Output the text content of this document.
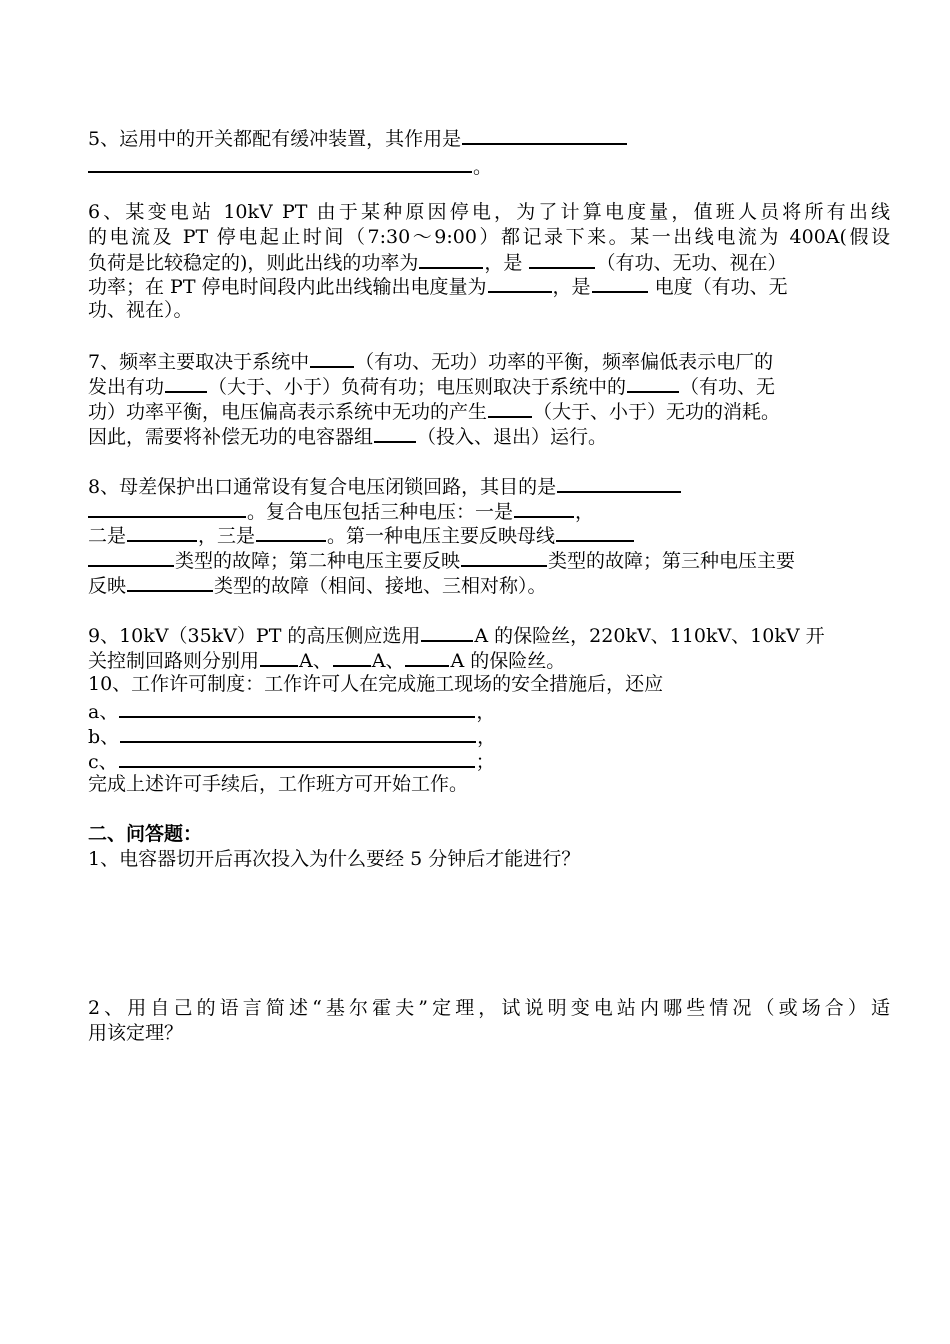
5、运用中的开关都配有缓冲装置，其作用是
。
6、某变电站 10kV PT 由于某种原因停电，为了计算电度量，值班人员将所有出线
的电流及 PT 停电起止时间（7:30～9:00）都记录下来。某一出线电流为 400A(假设
负荷是比较稳定的)，则此出线的功率为	，是	（有功、无功、视在）
功率；在 PT 停电时间段内此出线输出电度量为	，是	电度（有功、无
功、视在）。
7、频率主要取决于系统中 （有功、无功）功率的平衡，频率偏低表示电厂的
发出有功 （大于、小于）负荷有功；电压则取决于系统中的	（有功、无
功）功率平衡，电压偏高表示系统中无功的产生 （大于、小于）无功的消耗。
因此，需要将补偿无功的电容器组 （投入、退出）运行。
8、母差保护出口通常设有复合电压闭锁回路，其目的是
。复合电压包括三种电压：一是	，
二是	，三是	。第一种电压主要反映母线
类型的故障；第二种电压主要反映	类型的故障；第三种电压主要
反映	类型的故障（相间、接地、三相对称）。
9、10kV（35kV）PT 的高压侧应选用	A 的保险丝，220kV、110kV、10kV 开
关控制回路则分别用 A、 A、 A 的保险丝。
10、工作许可制度：工作许可人在完成施工现场的安全措施后，还应
a、	，
b、	，
c、	；
完成上述许可手续后，工作班方可开始工作。
二、问答题：
1、电容器切开后再次投入为什么要经 5 分钟后才能进行？
2、用自己的语言简述“基尔霍夫”定理，试说明变电站内哪些情况（或场合）适
用该定理？
